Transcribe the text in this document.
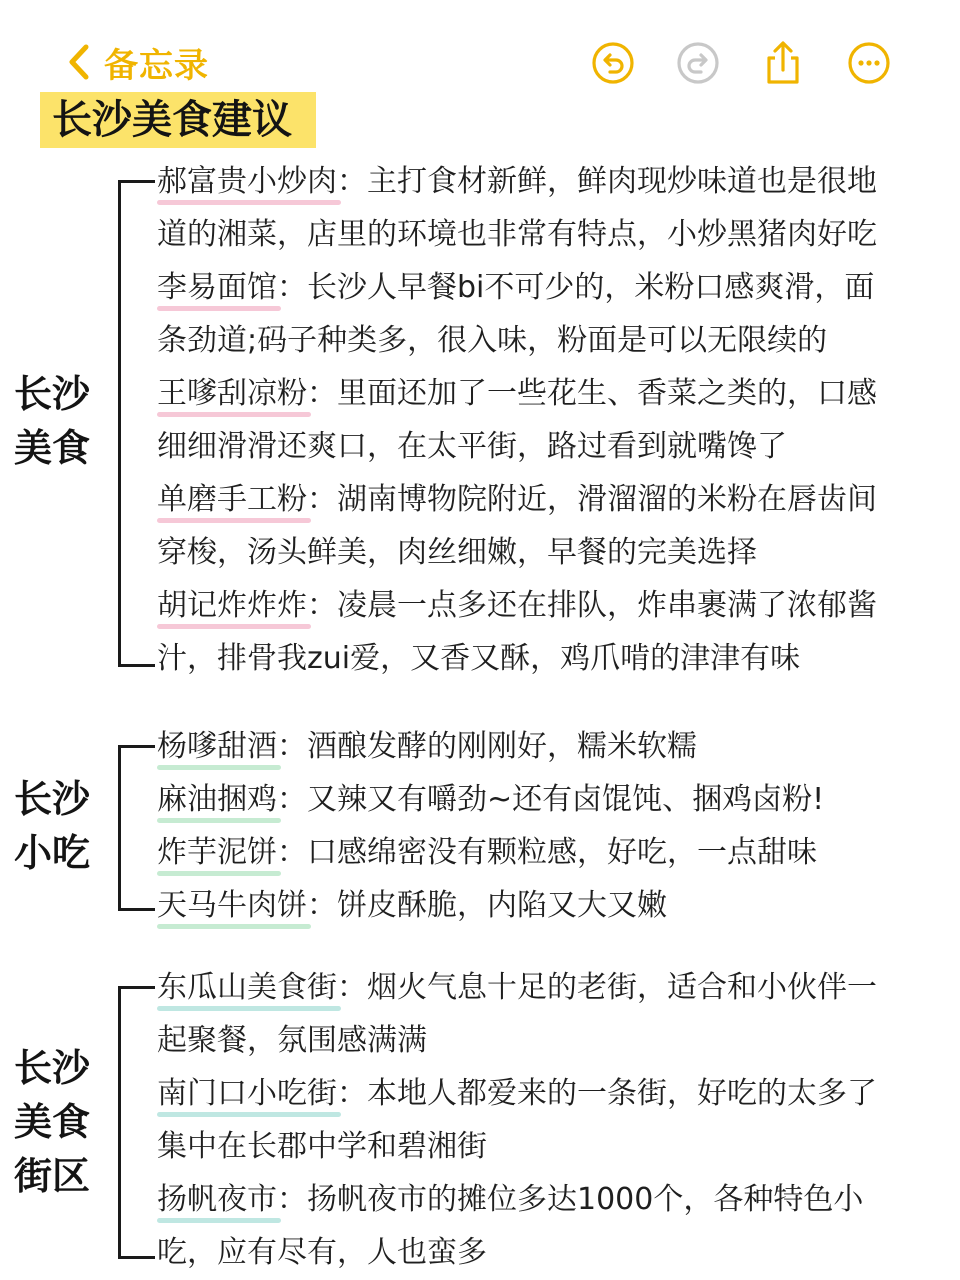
备忘录
长沙美食建议
长沙
美食
郝富贵小炒肉：主打食材新鲜，鲜肉现炒味道也是很地
道的湘菜，店里的环境也非常有特点，小炒黑猪肉好吃
李易面馆：长沙人早餐bi不可少的，米粉口感爽滑，面
条劲道;码子种类多，很入味，粉面是可以无限续的
王嗲刮凉粉：里面还加了一些花生、香菜之类的，口感
细细滑滑还爽口，在太平街，路过看到就嘴馋了
单磨手工粉：湖南博物院附近，滑溜溜的米粉在唇齿间
穿梭，汤头鲜美，肉丝细嫩，早餐的完美选择
胡记炸炸炸：凌晨一点多还在排队，炸串裹满了浓郁酱
汁，排骨我zui爱，又香又酥，鸡爪啃的津津有味
长沙
小吃
杨嗲甜酒：酒酿发酵的刚刚好，糯米软糯
麻油捆鸡：又辣又有嚼劲~还有卤馄饨、捆鸡卤粉!
炸芋泥饼：口感绵密没有颗粒感，好吃，一点甜味
天马牛肉饼：饼皮酥脆，内陷又大又嫩
长沙
美食
街区
东瓜山美食街：烟火气息十足的老街，适合和小伙伴一
起聚餐，氛围感满满
南门口小吃街：本地人都爱来的一条街，好吃的太多了
集中在长郡中学和碧湘街
扬帆夜市：扬帆夜市的摊位多达1000个，各种特色小
吃，应有尽有，人也蛮多
